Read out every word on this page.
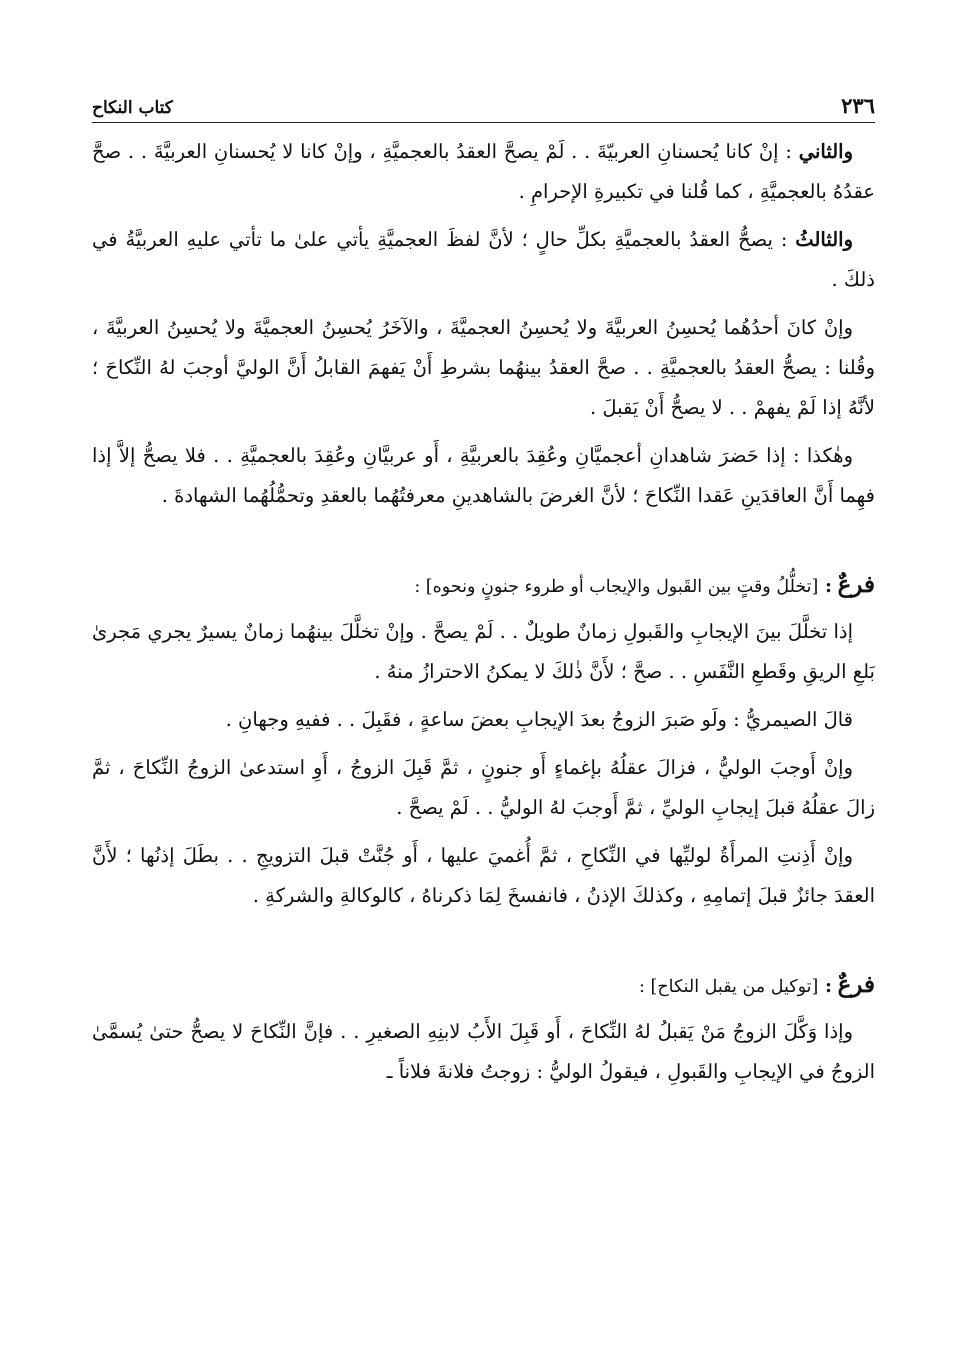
٢٣٦
كتاب النكاح

والثاني : إنْ كانا يُحسنانِ العربيّةَ . . لَمْ يصحَّ العقدُ بالعجميَّةِ ، وإنْ كانا لا يُحسنانِ العربيَّةَ . . صحَّ عقدُهُ بالعجميَّةِ ، كما قُلنا في تكبيرةِ الإحرامِ .

والثالثُ : يصحُّ العقدُ بالعجميَّةِ بكلِّ حالٍ ؛ لأنَّ لفظَ العجميَّةِ يأتي علىٰ ما تأتي عليهِ العربيَّةُ في ذلكَ .

وإنْ كانَ أحدُهُما يُحسِنُ العربيَّةَ ولا يُحسِنُ العجميَّةَ ، والآخَرُ يُحسِنُ العجميَّةَ ولا يُحسِنُ العربيَّةَ ، وقُلنا : يصحُّ العقدُ بالعجميَّةِ . . صحَّ العقدُ بينهُما بشرطِ أَنْ يَفهمَ القابلُ أَنَّ الوليَّ أوجبَ لهُ النِّكاحَ ؛ لأنَّهُ إذا لَمْ يفهمْ . . لا يصحُّ أَنْ يَقبلَ .

وهٰكذا : إذا حَضرَ شاهدانِ أعجميَّانِ وعُقِدَ بالعربيَّةِ ، أَو عربيَّانِ وعُقِدَ بالعجميَّةِ . . فلا يصحُّ إلاَّ إذا فهِما أَنَّ العاقدَينِ عَقدا النِّكاحَ ؛ لأنَّ الغرضَ بالشاهدينِ معرفتُهُما بالعقدِ وتحمُّلُهُما الشهادةَ .

فرعٌ : [تخلُّلُ وقتٍ بين القَبول والإيجاب أو طروء جنونٍ ونحوه] :

إذا تخلَّلَ بينَ الإيجابِ والقَبولِ زمانٌ طويلٌ . . لَمْ يصحَّ . وإنْ تخلَّلَ بينهُما زمانٌ يسيرٌ يجري مَجرىٰ بَلعِ الريقِ وقَطعِ النَّفَسِ . . صحَّ ؛ لأَنَّ ذٰلكَ لا يمكنُ الاحترازُ منهُ .

قالَ الصيمريُّ : ولَو صَبرَ الزوجُ بعدَ الإيجابِ بعضَ ساعةٍ ، فقَبِلَ . . ففيهِ وجهانِ .

وإنْ أَوجبَ الوليُّ ، فزالَ عقلُهُ بإغماءٍ أَو جنونٍ ، ثمَّ قَبِلَ الزوجُ ، أَوِ استدعىٰ الزوجُ النِّكاحَ ، ثمَّ زالَ عقلُهُ قبلَ إيجابِ الوليِّ ، ثمَّ أَوجبَ لهُ الوليُّ . . لَمْ يصحَّ .

وإنْ أَذِنتِ المرأَةُ لوليِّها في النِّكاحِ ، ثمَّ أُغميَ عليها ، أَو جُنَّتْ قبلَ التزويجِ . . بطَلَ إذنُها ؛ لأَنَّ العقدَ جائزٌ قبلَ إتمامِهِ ، وكذلكَ الإذنُ ، فانفسخَ لِمَا ذكرناهُ ، كالوكالةِ والشركةِ .

فرعٌ : [توكيل من يقبل النكاح] :

وإذا وَكَّلَ الزوجُ مَنْ يَقبلُ لهُ النِّكاحَ ، أَو قَبِلَ الأَبُ لابنِهِ الصغيرِ . . فإنَّ النِّكاحَ لا يصحُّ حتىٰ يُسمَّىٰ الزوجُ في الإيجابِ والقَبولِ ، فيقولُ الوليُّ : زوجتُ فلانةَ فلاناً ـ
